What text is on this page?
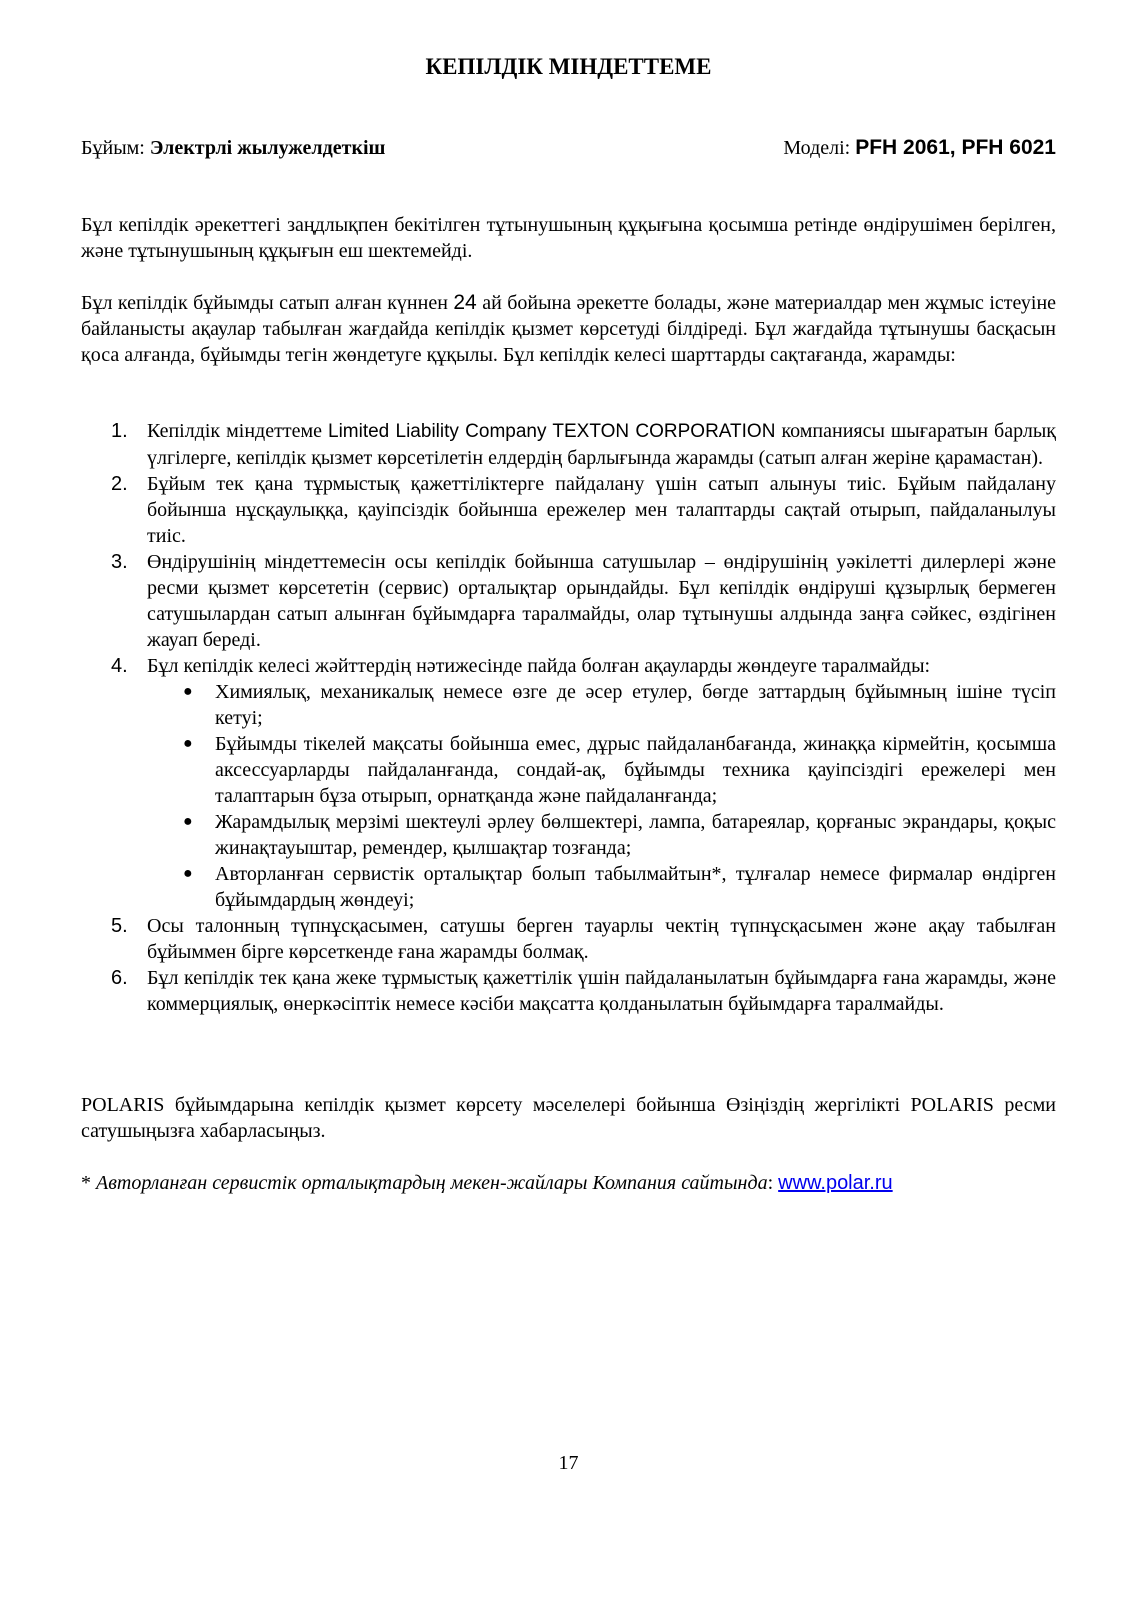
КЕПІЛДІК МІНДЕТТЕМЕ
Бұйым: Электрлі жылужелдеткіш	Моделі: PFH 2061, PFH 6021

Бұл кепілдік әрекеттегі заңдлықпен бекітілген тұтынушының құқығына қосымша ретінде өндірушімен берілген, және тұтынушының құқығын еш шектемейді.

Бұл кепілдік бұйымды сатып алған күннен 24 ай бойына әрекетте болады, және материалдар мен жұмыс істеуіне байланысты ақаулар табылған жағдайда кепілдік қызмет көрсетуді білдіреді. Бұл жағдайда тұтынушы басқасын қоса алғанда, бұйымды тегін жөндетуге құқылы. Бұл кепілдік келесі шарттарды сақтағанда, жарамды:

1. Кепілдік міндеттеме Limited Liability Company TEXTON CORPORATION компаниясы шығаратын барлық үлгілерге, кепілдік қызмет көрсетілетін елдердің барлығында жарамды (сатып алған жеріне қарамастан).
2. Бұйым тек қана тұрмыстық қажеттіліктерге пайдалану үшін сатып алынуы тиіс. Бұйым пайдалану бойынша нұсқаулыққа, қауіпсіздік бойынша ережелер мен талаптарды сақтай отырып, пайдаланылуы тиіс.
3. Өндірушінің міндеттемесін осы кепілдік бойынша сатушылар – өндірушінің уәкілетті дилерлері және ресми қызмет көрсететін (сервис) орталықтар орындайды. Бұл кепілдік өндіруші құзырлық бермеген сатушылардан сатып алынған бұйымдарға таралмайды, олар тұтынушы алдында заңға сәйкес, өздігінен жауап береді.
4. Бұл кепілдік келесі жәйттердің нәтижесінде пайда болған ақауларды жөндеуге таралмайды:
● Химиялық, механикалық немесе өзге де әсер етулер, бөгде заттардың бұйымның ішіне түсіп кетуі;
● Бұйымды тікелей мақсаты бойынша емес, дұрыс пайдаланбағанда, жинаққа кірмейтін, қосымша аксессуарларды пайдаланғанда, сондай-ақ, бұйымды техника қауіпсіздігі ережелері мен талаптарын бұза отырып, орнатқанда және пайдаланғанда;
● Жарамдылық мерзімі шектеулі әрлеу бөлшектері, лампа, батареялар, қорғаныс экрандары, қоқыс жинақтауыштар, ремендер, қылшақтар тозғанда;
● Авторланған сервистік орталықтар болып табылмайтын*, тұлғалар немесе фирмалар өндірген бұйымдардың жөндеуі;
5. Осы талонның түпнұсқасымен, сатушы берген тауарлы чектің түпнұсқасымен және ақау табылған бұйыммен бірге көрсеткенде ғана жарамды болмақ.
6. Бұл кепілдік тек қана жеке тұрмыстық қажеттілік үшін пайдаланылатын бұйымдарға ғана жарамды, және коммерциялық, өнеркәсіптік немесе кәсіби мақсатта қолданылатын бұйымдарға таралмайды.

POLARIS бұйымдарына кепілдік қызмет көрсету мәселелері бойынша Өзіңіздің жергілікті POLARIS ресми сатушыңызға хабарласыңыз.

* Авторланған сервистік орталықтардың мекен-жайлары Компания сайтында: www.polar.ru
17
